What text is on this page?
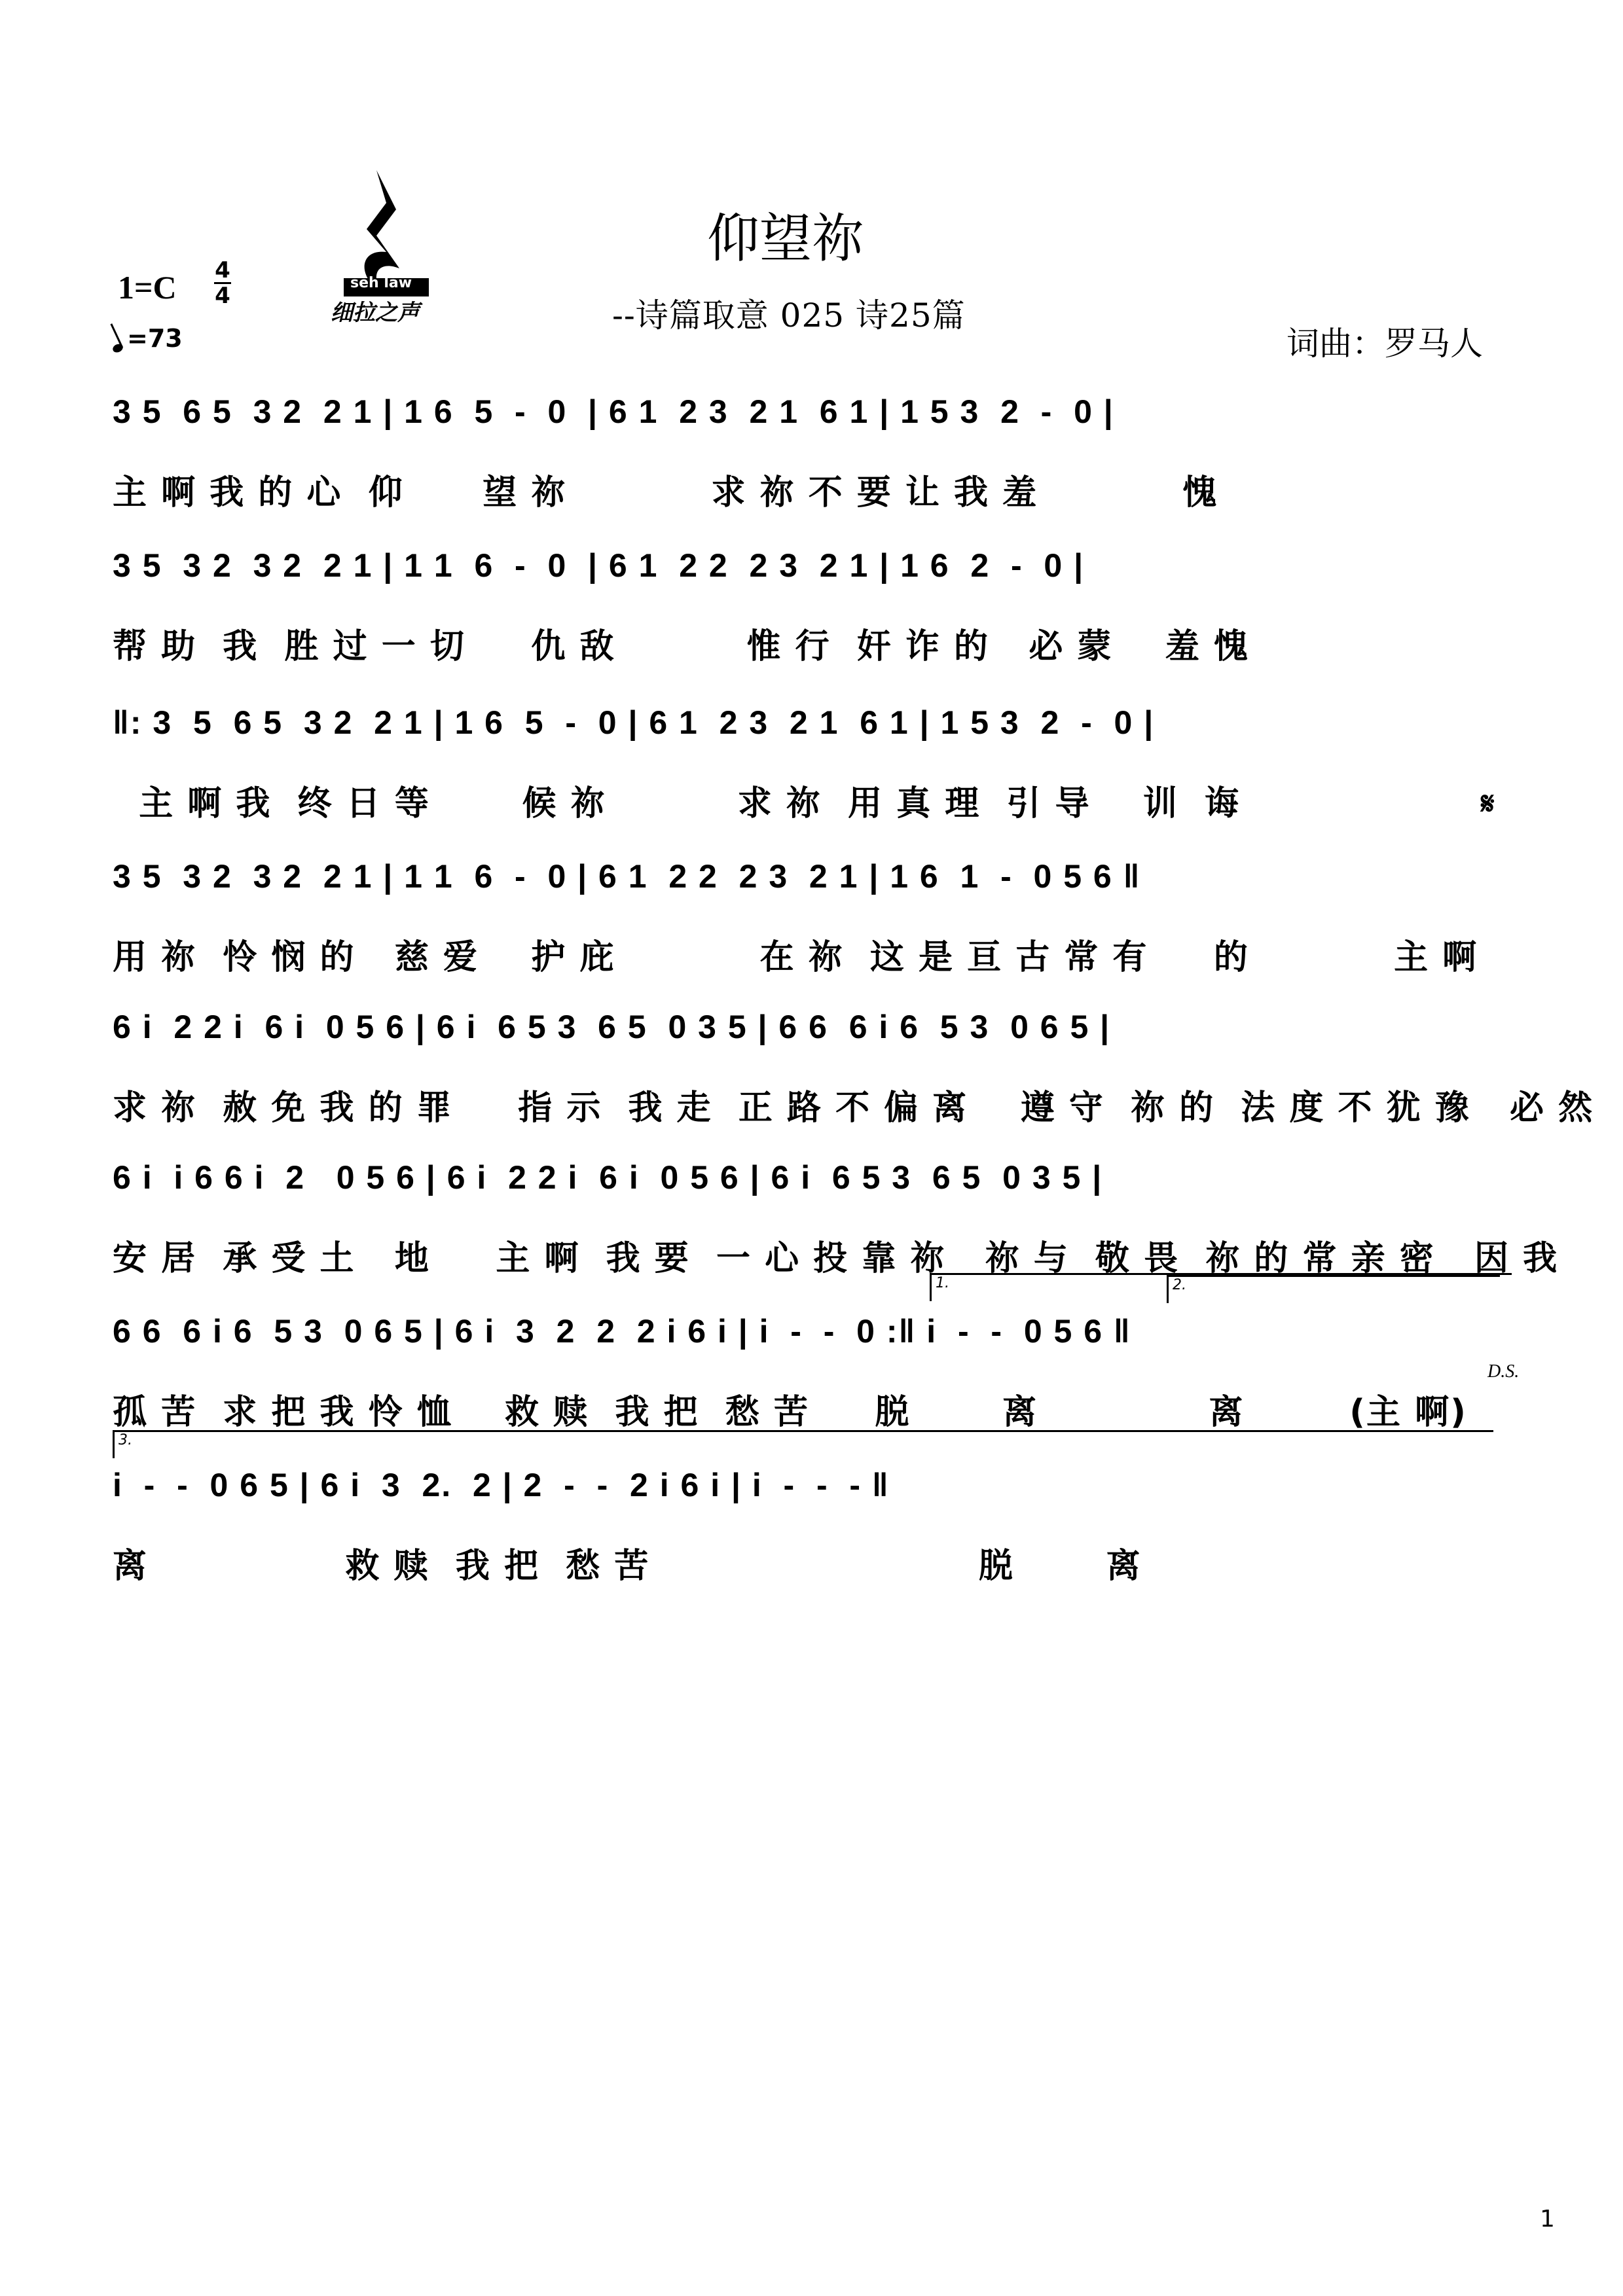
seh law
细拉之声
仰望祢
--诗篇取意 025 诗25篇
词曲：罗马人
1=C 4
4
=73
3 5  6 5  3 2  2 1 | 1 6  5  -  0  | 6 1  2 3  2 1  6 1 | 1 5 3  2  -  0 |
主 啊 我 的 心  仰      望 祢           求 祢 不 要 让 我 羞           愧
3 5  3 2  3 2  2 1 | 1 1  6  -  0  | 6 1  2 2  2 3  2 1 | 1 6  2  -  0 |
帮 助  我  胜 过 一 切     仇 敌          惟 行  奸 诈 的   必 蒙    羞 愧
‖: 3  5  6 5  3 2  2 1 | 1 6  5  -  0 | 6 1  2 3  2 1  6 1 | 1 5 3  2  -  0 |
主 啊 我  终 日 等       候 祢          求 祢  用 真 理  引 导    训  诲	𝄋
3 5  3 2  3 2  2 1 | 1 1  6  -  0 | 6 1  2 2  2 3  2 1 | 1 6  1  -  0 5 6 ‖
用 祢  怜 悯 的   慈 爱    护 庇           在 祢  这 是 亘 古 常 有     的           主 啊
6 i  2 2 i  6 i  0 5 6 | 6 i  6 5 3  6 5  0 3 5 | 6 6  6 i 6  5 3  0 6 5 |
求 祢  赦 免 我 的 罪     指 示  我 走  正 路 不 偏 离    遵 守  祢 的  法 度 不 犹 豫   必 然
6 i  i 6 6 i  2   0 5 6 | 6 i  2 2 i  6 i  0 5 6 | 6 i  6 5 3  6 5  0 3 5 |
安 居  承 受 土   地     主 啊  我 要  一 心 投 靠 祢   祢 与  敬 畏  祢 的 常 亲 密   因 我
1.	2.
6 6  6 i 6  5 3  0 6 5 | 6 i  3  2  2  2 i 6 i | i  -  -  0 :‖ i  -  -  0 5 6 ‖
孤 苦  求 把 我 怜 恤    救 赎  我 把  愁 苦     脱       离             离        (主 啊)
D.S.
3.
i  -  -  0 6 5 | 6 i  3  2.  2 | 2  -  -  2 i 6 i | i  -  -  - ‖
离               救 赎  我 把  愁 苦                         脱       离
1
